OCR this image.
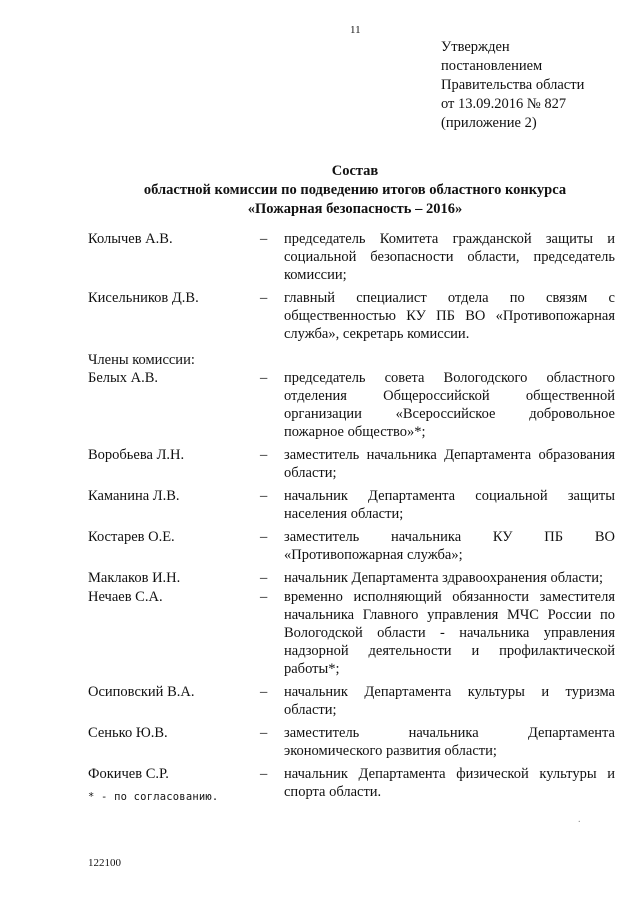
11
Утвержден
постановлением
Правительства области
от 13.09.2016 № 827
(приложение 2)
Состав
областной комиссии по подведению итогов областного конкурса
«Пожарная безопасность – 2016»
Колычев А.В.	–	председатель Комитета гражданской защиты и социальной безопасности области, председатель комиссии;
Кисельников Д.В.	–	главный специалист отдела по связям с общественностью КУ ПБ ВО «Противопожарная служба», секретарь комиссии.
Члены комиссии:
Белых А.В.	–	председатель совета Вологодского областного отделения Общероссийской общественной организации «Всероссийское добровольное пожарное общество»*;
Воробьева Л.Н.	–	заместитель начальника Департамента образования области;
Каманина Л.В.	–	начальник Департамента социальной защиты населения области;
Костарев О.Е.	–	заместитель начальника КУ ПБ ВО «Противопожарная служба»;
Маклаков И.Н.	–	начальник Департамента здравоохранения области;
Нечаев С.А.	–	временно исполняющий обязанности заместителя начальника Главного управления МЧС России по Вологодской области - начальника управления надзорной деятельности и профилактической работы*;
Осиповский В.А.	–	начальник Департамента культуры и туризма области;
Сенько Ю.В.	–	заместитель начальника Департамента экономического развития области;
Фокичев С.Р.	–	начальник Департамента физической культуры и спорта области.
* - по согласованию.
.
122100
